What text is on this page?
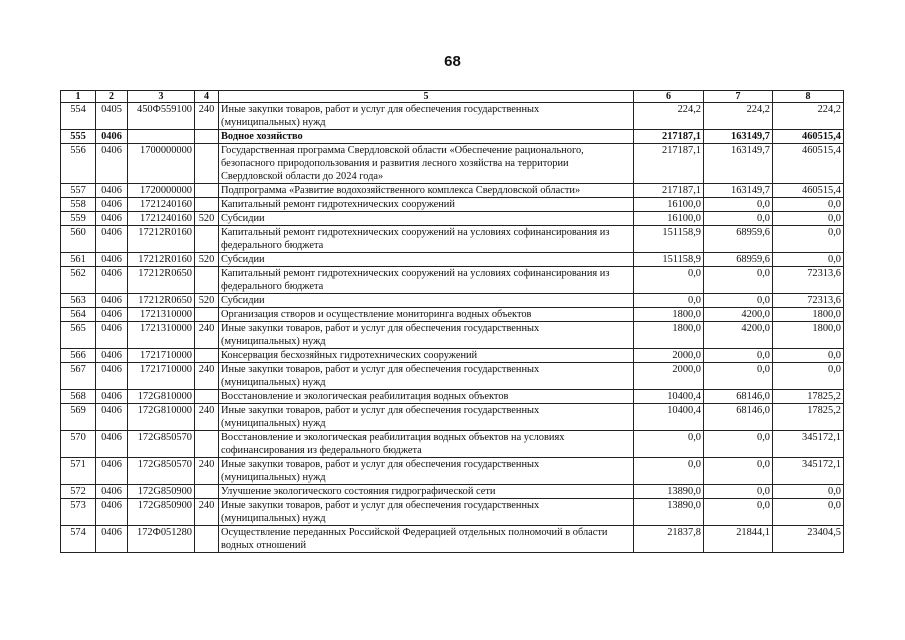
68
1	2	3	4	5	6	7	8
554	0405	450Ф559100	240	Иные закупки товаров, работ и услуг для обеспечения государственных
(муниципальных) нужд	224,2	224,2	224,2
555	0406			Водное хозяйство	217187,1	163149,7	460515,4
556	0406	1700000000		Государственная программа Свердловской области «Обеспечение рационального,
безопасного природопользования и развития лесного хозяйства на территории
Свердловской области до 2024 года»	217187,1	163149,7	460515,4
557	0406	1720000000		Подпрограмма «Развитие водохозяйственного комплекса Свердловской области»	217187,1	163149,7	460515,4
558	0406	1721240160		Капитальный ремонт гидротехнических сооружений	16100,0	0,0	0,0
559	0406	1721240160	520	Субсидии	16100,0	0,0	0,0
560	0406	17212R0160		Капитальный ремонт гидротехнических сооружений на условиях софинансирования из
федерального бюджета	151158,9	68959,6	0,0
561	0406	17212R0160	520	Субсидии	151158,9	68959,6	0,0
562	0406	17212R0650		Капитальный ремонт гидротехнических сооружений на условиях софинансирования из
федерального бюджета	0,0	0,0	72313,6
563	0406	17212R0650	520	Субсидии	0,0	0,0	72313,6
564	0406	1721310000		Организация створов и осуществление мониторинга водных объектов	1800,0	4200,0	1800,0
565	0406	1721310000	240	Иные закупки товаров, работ и услуг для обеспечения государственных
(муниципальных) нужд	1800,0	4200,0	1800,0
566	0406	1721710000		Консервация бесхозяйных гидротехнических сооружений	2000,0	0,0	0,0
567	0406	1721710000	240	Иные закупки товаров, работ и услуг для обеспечения государственных
(муниципальных) нужд	2000,0	0,0	0,0
568	0406	172G810000		Восстановление и экологическая реабилитация водных объектов	10400,4	68146,0	17825,2
569	0406	172G810000	240	Иные закупки товаров, работ и услуг для обеспечения государственных
(муниципальных) нужд	10400,4	68146,0	17825,2
570	0406	172G850570		Восстановление и экологическая реабилитация водных объектов на условиях
софинансирования из федерального бюджета	0,0	0,0	345172,1
571	0406	172G850570	240	Иные закупки товаров, работ и услуг для обеспечения государственных
(муниципальных) нужд	0,0	0,0	345172,1
572	0406	172G850900		Улучшение экологического состояния гидрографической сети	13890,0	0,0	0,0
573	0406	172G850900	240	Иные закупки товаров, работ и услуг для обеспечения государственных
(муниципальных) нужд	13890,0	0,0	0,0
574	0406	172Ф051280		Осуществление переданных Российской Федерацией отдельных полномочий в области
водных отношений	21837,8	21844,1	23404,5
